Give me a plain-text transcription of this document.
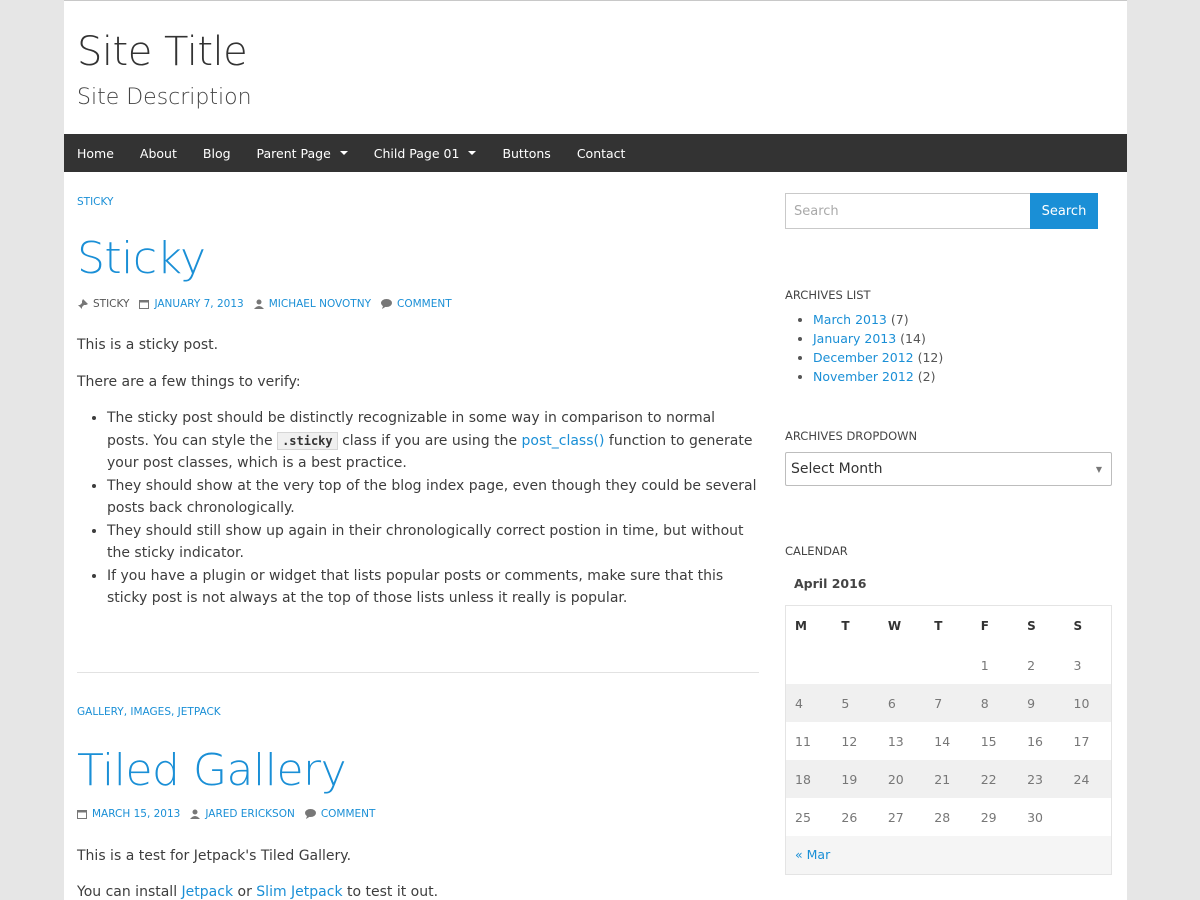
Site Title
Site Description
Home About Blog Parent Page	Child Page 01	Buttons Contact
STICKY
Sticky
STICKY JANUARY 7, 2013 MICHAEL NOVOTNY COMMENT

This is a sticky post.

There are a few things to verify:

• The sticky post should be distinctly recognizable in some way in comparison to normal posts. You can style the .sticky class if you are using the post_class() function to generate your post classes, which is a best practice.
• They should show at the very top of the blog index page, even though they could be several posts back chronologically.
• They should still show up again in their chronologically correct postion in time, but without the sticky indicator.
• If you have a plugin or widget that lists popular posts or comments, make sure that this sticky post is not always at the top of those lists unless it really is popular.
GALLERY, IMAGES, JETPACK
Tiled Gallery
MARCH 15, 2013 JARED ERICKSON COMMENT

This is a test for Jetpack's Tiled Gallery.

You can install Jetpack or Slim Jetpack to test it out.

Search
Search
ARCHIVES LIST
• March 2013 (7)
• January 2013 (14)
• December 2012 (12)
• November 2012 (2)
ARCHIVES DROPDOWN
Select Month	▼
CALENDAR
April 2016
M	T	W	T	F	S	S
				1	2	3
4	5	6	7	8	9	10
11	12	13	14	15	16	17
18	19	20	21	22	23	24
25	26	27	28	29	30	
« Mar						
